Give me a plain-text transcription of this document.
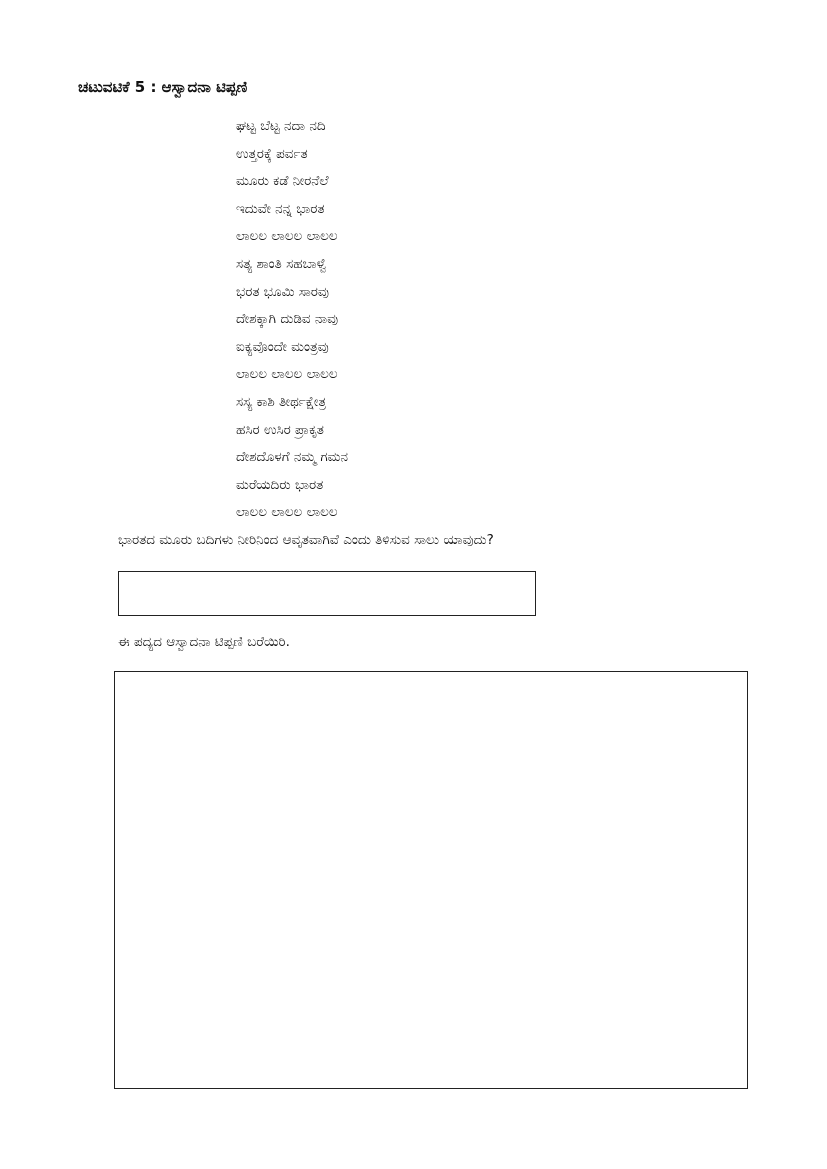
ಚಟುವಟಿಕೆ 5 : ಆಸ್ವಾದನಾ ಟಿಪ್ಪಣಿ
ಘಟ್ಟ ಬೆಟ್ಟ ನದಾ ನದಿ
ಉತ್ತರಕ್ಕೆ ಪರ್ವತ
ಮೂರು ಕಡೆ ನೀರನೆಲೆ
ಇದುವೇ ನನ್ನ ಭಾರತ
ಲಾಲಲ ಲಾಲಲ ಲಾಲಲ
ಸತ್ಯ ಶಾಂತಿ ಸಹಬಾಳ್ವೆ
ಭರತ ಭೂಮಿ ಸಾರವು
ದೇಶಕ್ಕಾಗಿ ದುಡಿವ ನಾವು
ಐಕ್ಯವೊಂದೇ ಮಂತ್ರವು
ಲಾಲಲ ಲಾಲಲ ಲಾಲಲ
ಸಸ್ಯ ಕಾಶಿ ತೀರ್ಥಕ್ಷೇತ್ರ
ಹಸಿರ ಉಸಿರ ಪ್ರಾಕೃತ
ದೇಶದೊಳಗೆ ನಮ್ಮ ಗಮನ
ಮರೆಯದಿರು ಭಾರತ
ಲಾಲಲ ಲಾಲಲ ಲಾಲಲ
ಭಾರತದ ಮೂರು ಬದಿಗಳು ನೀರಿನಿಂದ ಆವೃತವಾಗಿವೆ ಎಂದು ತಿಳಿಸುವ ಸಾಲು ಯಾವುದು?
ಈ ಪದ್ಯದ ಆಸ್ವಾದನಾ ಟಿಪ್ಪಣಿ ಬರೆಯಿರಿ.
